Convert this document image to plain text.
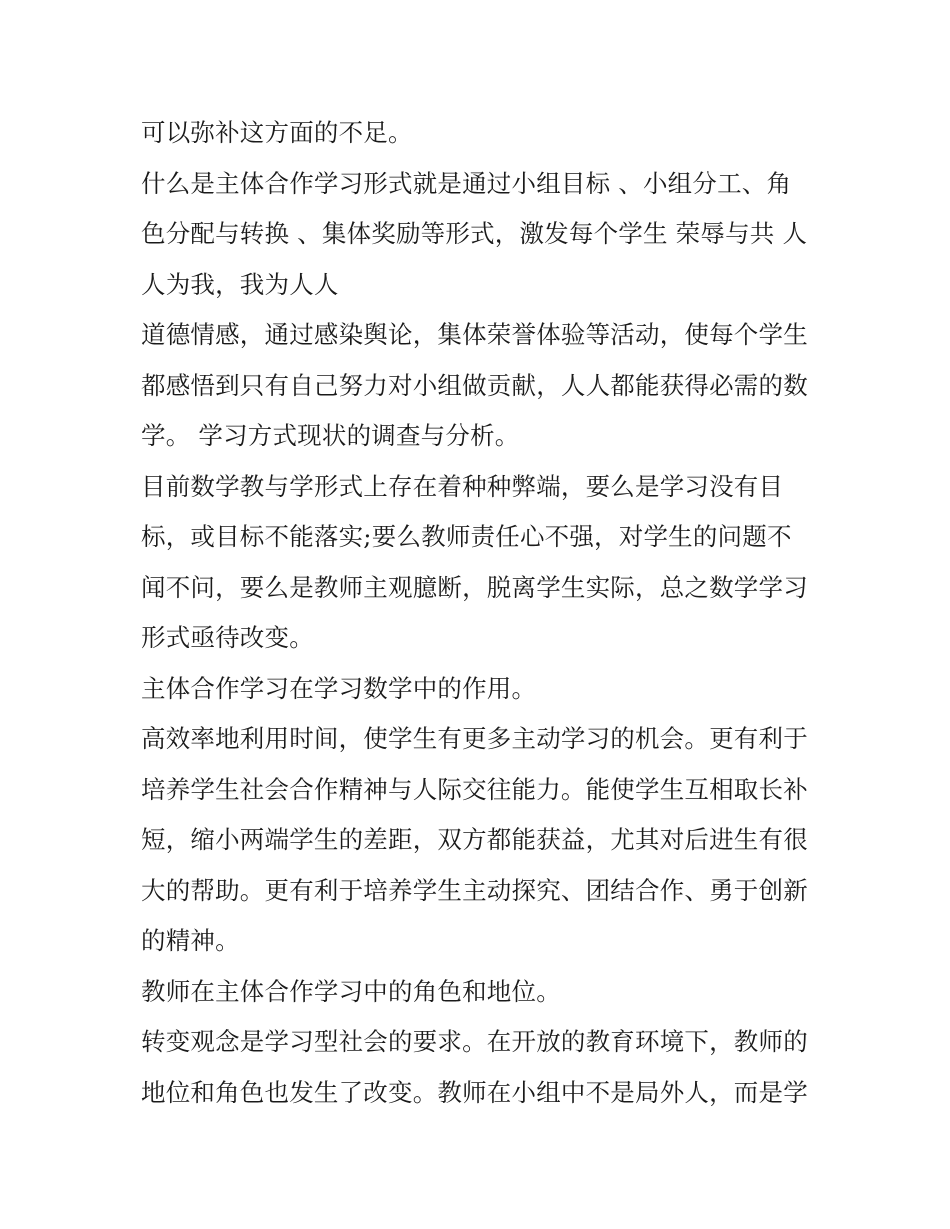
可以弥补这方面的不足。
什么是主体合作学习形式就是通过小组目标 、小组分工、角
色分配与转换 、集体奖励等形式，激发每个学生 荣辱与共 人
人为我，我为人人
道德情感，通过感染舆论，集体荣誉体验等活动，使每个学生
都感悟到只有自己努力对小组做贡献，人人都能获得必需的数
学。 学习方式现状的调查与分析。
目前数学教与学形式上存在着种种弊端，要么是学习没有目
标，或目标不能落实;要么教师责任心不强，对学生的问题不
闻不问，要么是教师主观臆断，脱离学生实际，总之数学学习
形式亟待改变。
主体合作学习在学习数学中的作用。
高效率地利用时间，使学生有更多主动学习的机会。更有利于
培养学生社会合作精神与人际交往能力。能使学生互相取长补
短，缩小两端学生的差距，双方都能获益，尤其对后进生有很
大的帮助。更有利于培养学生主动探究、团结合作、勇于创新
的精神。
教师在主体合作学习中的角色和地位。
转变观念是学习型社会的要求。在开放的教育环境下，教师的
地位和角色也发生了改变。教师在小组中不是局外人，而是学
